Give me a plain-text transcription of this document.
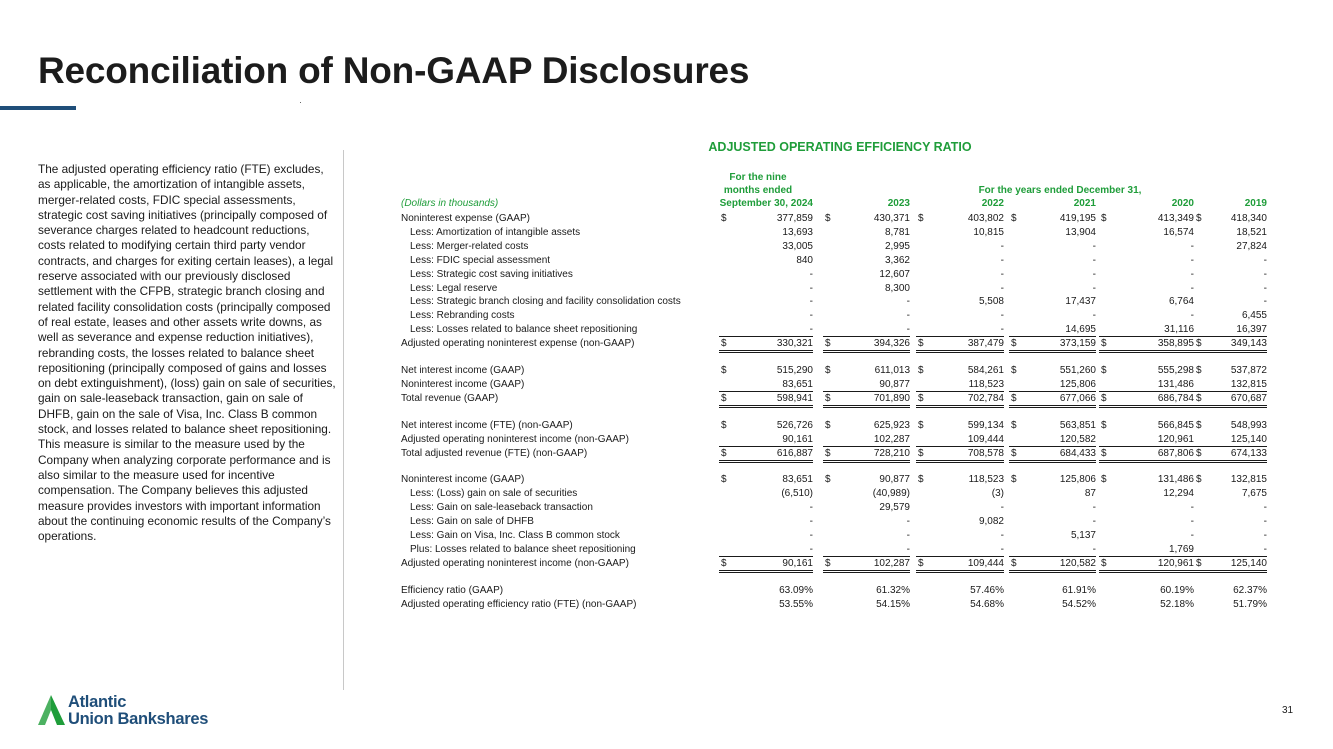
Reconciliation of Non-GAAP Disclosures

The adjusted operating efficiency ratio (FTE) excludes, as applicable, the amortization of intangible assets, merger-related costs, FDIC special assessments, strategic cost saving initiatives (principally composed of severance charges related to headcount reductions, costs related to modifying certain third party vendor contracts, and charges for exiting certain leases), a legal reserve associated with our previously disclosed settlement with the CFPB, strategic branch closing and related facility consolidation costs (principally composed of real estate, leases and other assets write downs, as well as severance and expense reduction initiatives), rebranding costs, the losses related to balance sheet repositioning (principally composed of gains and losses on debt extinguishment), (loss) gain on sale of securities, gain on sale-leaseback transaction, gain on sale of DHFB, gain on the sale of Visa, Inc. Class B common stock, and losses related to balance sheet repositioning. This measure is similar to the measure used by the Company when analyzing corporate performance and is also similar to the measure used for incentive compensation. The Company believes this adjusted measure provides investors with important information about the continuing economic results of the Company’s operations.

ADJUSTED OPERATING EFFICIENCY RATIO
For the nine
months ended	For the years ended December 31,
(Dollars in thousands)	September 30, 2024	2023	2022	2021	2020	2019
Noninterest expense (GAAP)	$	377,859 $	430,371 $	403,802 $	419,195 $	413,349 $	418,340
Less: Amortization of intangible assets	13,693	8,781	10,815	13,904	16,574	18,521
Less: Merger-related costs	33,005	2,995	-	-	-	27,824
Less: FDIC special assessment	840	3,362	-	-	-	-
Less: Strategic cost saving initiatives	-	12,607	-	-	-	-
Less: Legal reserve	-	8,300	-	-	-	-
Less: Strategic branch closing and facility consolidation costs	-	-	5,508	17,437	6,764	-
Less: Rebranding costs	-	-	-	-	-	6,455
Less: Losses related to balance sheet repositioning	-	-	-	14,695	31,116	16,397
Adjusted operating noninterest expense (non-GAAP)	$	330,321 $	394,326 $	387,479 $	373,159 $	358,895 $	349,143
Net interest income (GAAP)	$	515,290 $	611,013 $	584,261 $	551,260 $	555,298 $	537,872
Noninterest income (GAAP)	83,651	90,877	118,523	125,806	131,486	132,815
Total revenue (GAAP)	$	598,941 $	701,890 $	702,784 $	677,066 $	686,784 $	670,687
Net interest income (FTE) (non-GAAP)	$	526,726 $	625,923 $	599,134 $	563,851 $	566,845 $	548,993
Adjusted operating noninterest income (non-GAAP)	90,161	102,287	109,444	120,582	120,961	125,140
Total adjusted revenue (FTE) (non-GAAP)	$	616,887 $	728,210 $	708,578 $	684,433 $	687,806 $	674,133
Noninterest income (GAAP)	$	83,651 $	90,877 $	118,523 $	125,806 $	131,486 $	132,815
Less: (Loss) gain on sale of securities	(6,510)	(40,989)	(3)	87	12,294	7,675
Less: Gain on sale-leaseback transaction	-	29,579	-	-	-	-
Less: Gain on sale of DHFB	-	-	9,082	-	-	-
Less: Gain on Visa, Inc. Class B common stock	-	-	-	5,137	-	-
Plus: Losses related to balance sheet repositioning	-	-	-	-	1,769	-
Adjusted operating noninterest income (non-GAAP)	$	90,161 $	102,287 $	109,444 $	120,582 $	120,961 $	125,140
Efficiency ratio (GAAP)	63.09%	61.32%	57.46%	61.91%	60.19%	62.37%
Adjusted operating efficiency ratio (FTE) (non-GAAP)	53.55%	54.15%	54.68%	54.52%	52.18%	51.79%
Atlantic
Union Bankshares	31
